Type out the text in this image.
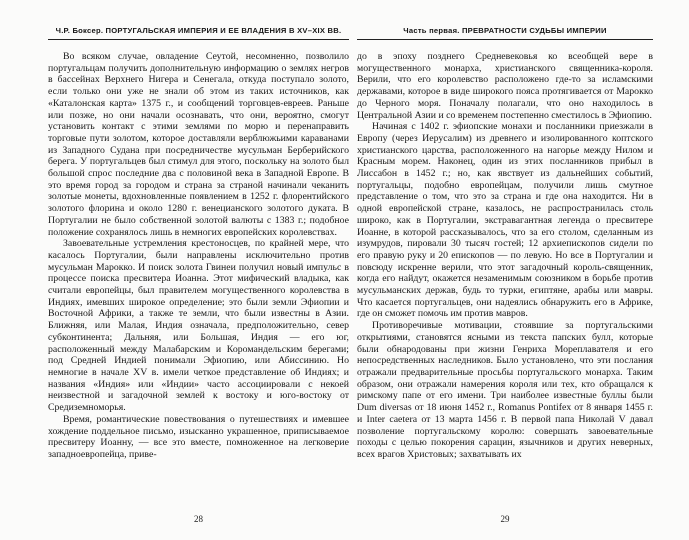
Ч.Р. Боксер. ПОРТУГАЛЬСКАЯ ИМПЕРИЯ И ЕЕ ВЛАДЕНИЯ В XV–XIX ВВ.

Во всяком случае, овладение Сеутой, несомненно, позволило португальцам получить дополнительную информацию о землях негров в бассейнах Верхнего Нигера и Сенегала, откуда поступало золото, если только они уже не знали об этом из таких источников, как «Каталонская карта» 1375 г., и сообщений торговцев-евреев. Раньше или позже, но они начали осознавать, что они, вероятно, смогут установить контакт с этими землями по морю и перенаправить торговые пути золотом, которое доставляли верблюжьими караванами из Западного Судана при посредничестве мусульман Берберийского берега. У португальцев был стимул для этого, поскольку на золото был большой спрос последние два с половиной века в Западной Европе. В это время город за городом и страна за страной начинали чеканить золотые монеты, вдохновленные появлением в 1252 г. флорентийского золотого флорина и около 1280 г. венецианского золотого дуката. В Португалии не было собственной золотой валюты с 1383 г.; подобное положение сохранялось лишь в немногих европейских королевствах.

Завоевательные устремления крестоносцев, по крайней мере, что касалось Португалии, были направлены исключительно против мусульман Марокко. И поиск золота Гвинеи получил новый импульс в процессе поиска пресвитера Иоанна. Этот мифический владыка, как считали европейцы, был правителем могущественного королевства в Индиях, имевших широкое определение; это были земли Эфиопии и Восточной Африки, а также те земли, что были известны в Азии. Ближняя, или Малая, Индия означала, предположительно, север субконтинента; Дальняя, или Большая, Индия — его юг, расположенный между Малабарским и Коромандельским берегами; под Средней Индией понимали Эфиопию, или Абиссинию. Но немногие в начале XV в. имели четкое представление об Индиях; и названия «Индия» или «Индии» часто ассоциировали с некоей неизвестной и загадочной землей к востоку и юго-востоку от Средиземноморья.

Время, романтические повествования о путешествиях и имевшее хождение поддельное письмо, изысканно украшенное, приписываемое пресвитеру Иоанну, — все это вместе, помноженное на легковерие западноевропейца, приве-

28
Часть первая. ПРЕВРАТНОСТИ СУДЬБЫ ИМПЕРИИ

до в эпоху позднего Средневековья ко всеобщей вере в могущественного монарха, христианского священника-короля. Верили, что его королевство расположено где-то за исламскими державами, которое в виде широкого пояса протягивается от Марокко до Черного моря. Поначалу полагали, что оно находилось в Центральной Азии и со временем постепенно сместилось в Эфиопию.

Начиная с 1402 г. эфиопские монахи и посланники приезжали в Европу (через Иерусалим) из древнего и изолированного коптского христианского царства, расположенного на нагорье между Нилом и Красным морем. Наконец, один из этих посланников прибыл в Лиссабон в 1452 г.; но, как явствует из дальнейших событий, португальцы, подобно европейцам, получили лишь смутное представление о том, что это за страна и где она находится. Ни в одной европейской стране, казалось, не распространилась столь широко, как в Португалии, экстравагантная легенда о пресвитере Иоанне, в которой рассказывалось, что за его столом, сделанным из изумрудов, пировали 30 тысяч гостей; 12 архиепископов сидели по его правую руку и 20 епископов — по левую. Но все в Португалии и повсюду искренне верили, что этот загадочный король-священник, когда его найдут, окажется незаменимым союзником в борьбе против мусульманских держав, будь то турки, египтяне, арабы или мавры. Что касается португальцев, они надеялись обнаружить его в Африке, где он сможет помочь им против мавров.

Противоречивые мотивации, стоявшие за португальскими открытиями, становятся ясными из текста папских булл, которые были обнародованы при жизни Генриха Мореплавателя и его непосредственных наследников. Было установлено, что эти послания отражали предварительные просьбы португальского монарха. Таким образом, они отражали намерения короля или тех, кто обращался к римскому папе от его имени. Три наиболее известные буллы были Dum diversas от 18 июня 1452 г., Romanus Pontifex от 8 января 1455 г. и Inter caetera от 13 марта 1456 г. В первой папа Николай V давал позволение португальскому королю: совершать завоевательные походы с целью покорения сарацин, язычников и других неверных, всех врагов Христовых; захватывать их

29
